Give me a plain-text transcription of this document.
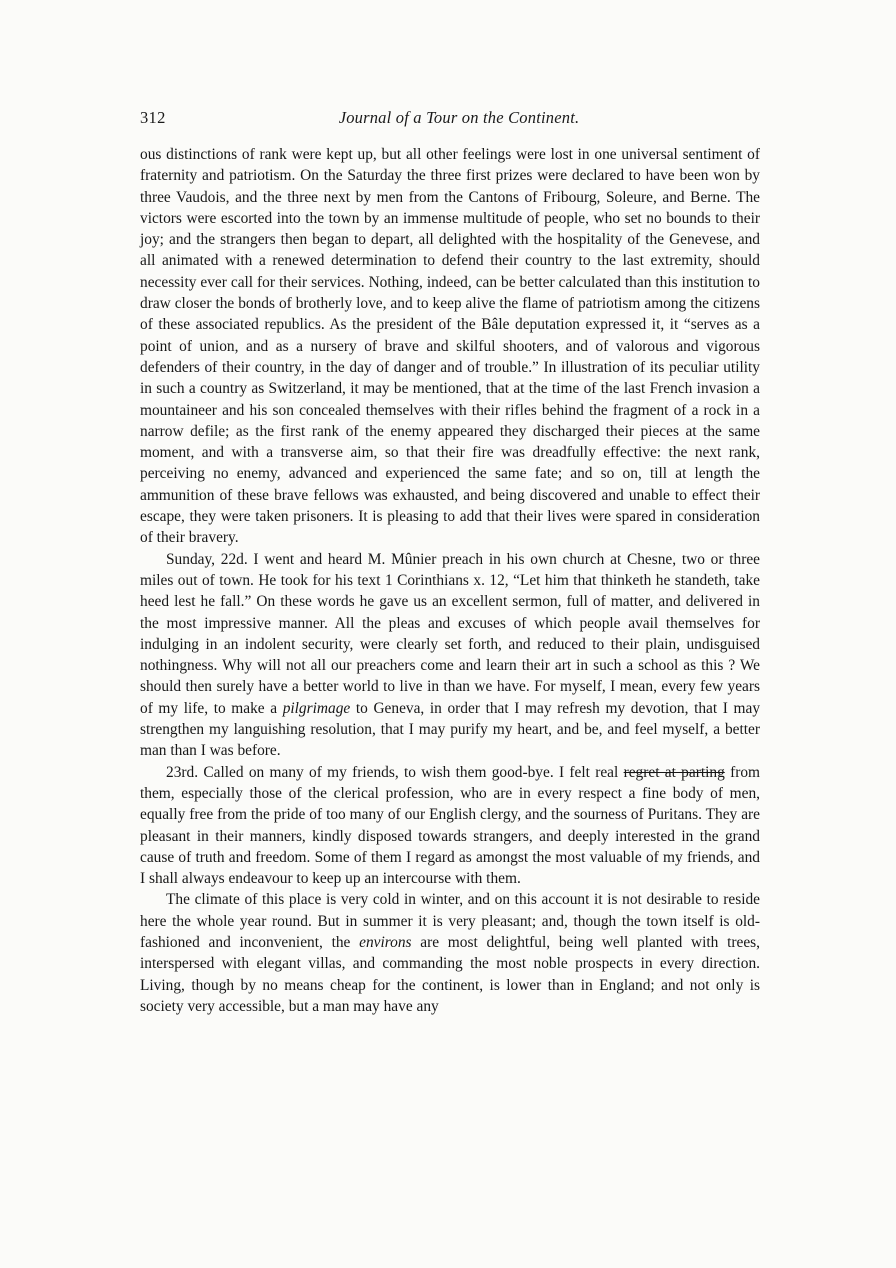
312	Journal of a Tour on the Continent.

ous distinctions of rank were kept up, but all other feelings were lost in one universal sentiment of fraternity and patriotism. On the Saturday the three first prizes were declared to have been won by three Vaudois, and the three next by men from the Cantons of Fribourg, Soleure, and Berne. The victors were escorted into the town by an immense multitude of people, who set no bounds to their joy; and the strangers then began to depart, all delighted with the hospitality of the Genevese, and all animated with a renewed determination to defend their country to the last extremity, should necessity ever call for their services. Nothing, indeed, can be better calculated than this institution to draw closer the bonds of brotherly love, and to keep alive the flame of patriotism among the citizens of these associated republics. As the president of the Bâle deputation expressed it, it “serves as a point of union, and as a nursery of brave and skilful shooters, and of valorous and vigorous defenders of their country, in the day of danger and of trouble.” In illustration of its peculiar utility in such a country as Switzerland, it may be mentioned, that at the time of the last French invasion a mountaineer and his son concealed themselves with their rifles behind the fragment of a rock in a narrow defile; as the first rank of the enemy appeared they discharged their pieces at the same moment, and with a transverse aim, so that their fire was dreadfully effective: the next rank, perceiving no enemy, advanced and experienced the same fate; and so on, till at length the ammunition of these brave fellows was exhausted, and being discovered and unable to effect their escape, they were taken prisoners. It is pleasing to add that their lives were spared in consideration of their bravery.

Sunday, 22d. I went and heard M. Mûnier preach in his own church at Chesne, two or three miles out of town. He took for his text 1 Corinthians x. 12, “Let him that thinketh he standeth, take heed lest he fall.” On these words he gave us an excellent sermon, full of matter, and delivered in the most impressive manner. All the pleas and excuses of which people avail themselves for indulging in an indolent security, were clearly set forth, and reduced to their plain, undisguised nothingness. Why will not all our preachers come and learn their art in such a school as this ? We should then surely have a better world to live in than we have. For myself, I mean, every few years of my life, to make a pilgrimage to Geneva, in order that I may refresh my devotion, that I may strengthen my languishing resolution, that I may purify my heart, and be, and feel myself, a better man than I was before.

23rd. Called on many of my friends, to wish them good-bye. I felt real regret at parting from them, especially those of the clerical profession, who are in every respect a fine body of men, equally free from the pride of too many of our English clergy, and the sourness of Puritans. They are pleasant in their manners, kindly disposed towards strangers, and deeply interested in the grand cause of truth and freedom. Some of them I regard as amongst the most valuable of my friends, and I shall always endeavour to keep up an intercourse with them.

The climate of this place is very cold in winter, and on this account it is not desirable to reside here the whole year round. But in summer it is very pleasant; and, though the town itself is old-fashioned and inconvenient, the environs are most delightful, being well planted with trees, interspersed with elegant villas, and commanding the most noble prospects in every direction. Living, though by no means cheap for the continent, is lower than in England; and not only is society very accessible, but a man may have any
